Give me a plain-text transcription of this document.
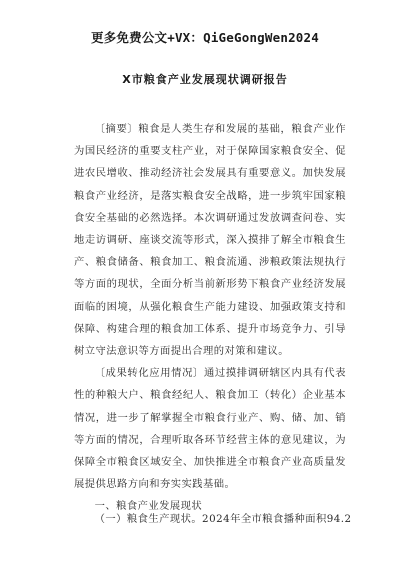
更多免费公文+VX：QiGeGongWen2024
X市粮食产业发展现状调研报告

〔摘要〕粮食是人类生存和发展的基础，粮食产业作为国民经济的重要支柱产业，对于保障国家粮食安全、促进农民增收、推动经济社会发展具有重要意义。加快发展粮食产业经济，是落实粮食安全战略，进一步筑牢国家粮食安全基础的必然选择。本次调研通过发放调查问卷、实地走访调研、座谈交流等形式，深入摸排了解全市粮食生产、粮食储备、粮食加工、粮食流通、涉粮政策法规执行等方面的现状，全面分析当前新形势下粮食产业经济发展面临的困境，从强化粮食生产能力建设、加强政策支持和保障、构建合理的粮食加工体系、提升市场竞争力、引导树立守法意识等方面提出合理的对策和建议。

〔成果转化应用情况〕通过摸排调研辖区内具有代表性的种粮大户、粮食经纪人、粮食加工（转化）企业基本情况，进一步了解掌握全市粮食行业产、购、储、加、销等方面的情况，合理听取各环节经营主体的意见建议，为保障全市粮食区域安全、加快推进全市粮食产业高质量发展提供思路方向和夯实实践基础。

一、粮食产业发展现状

（一）粮食生产现状。2024年全市粮食播种面积94.2
